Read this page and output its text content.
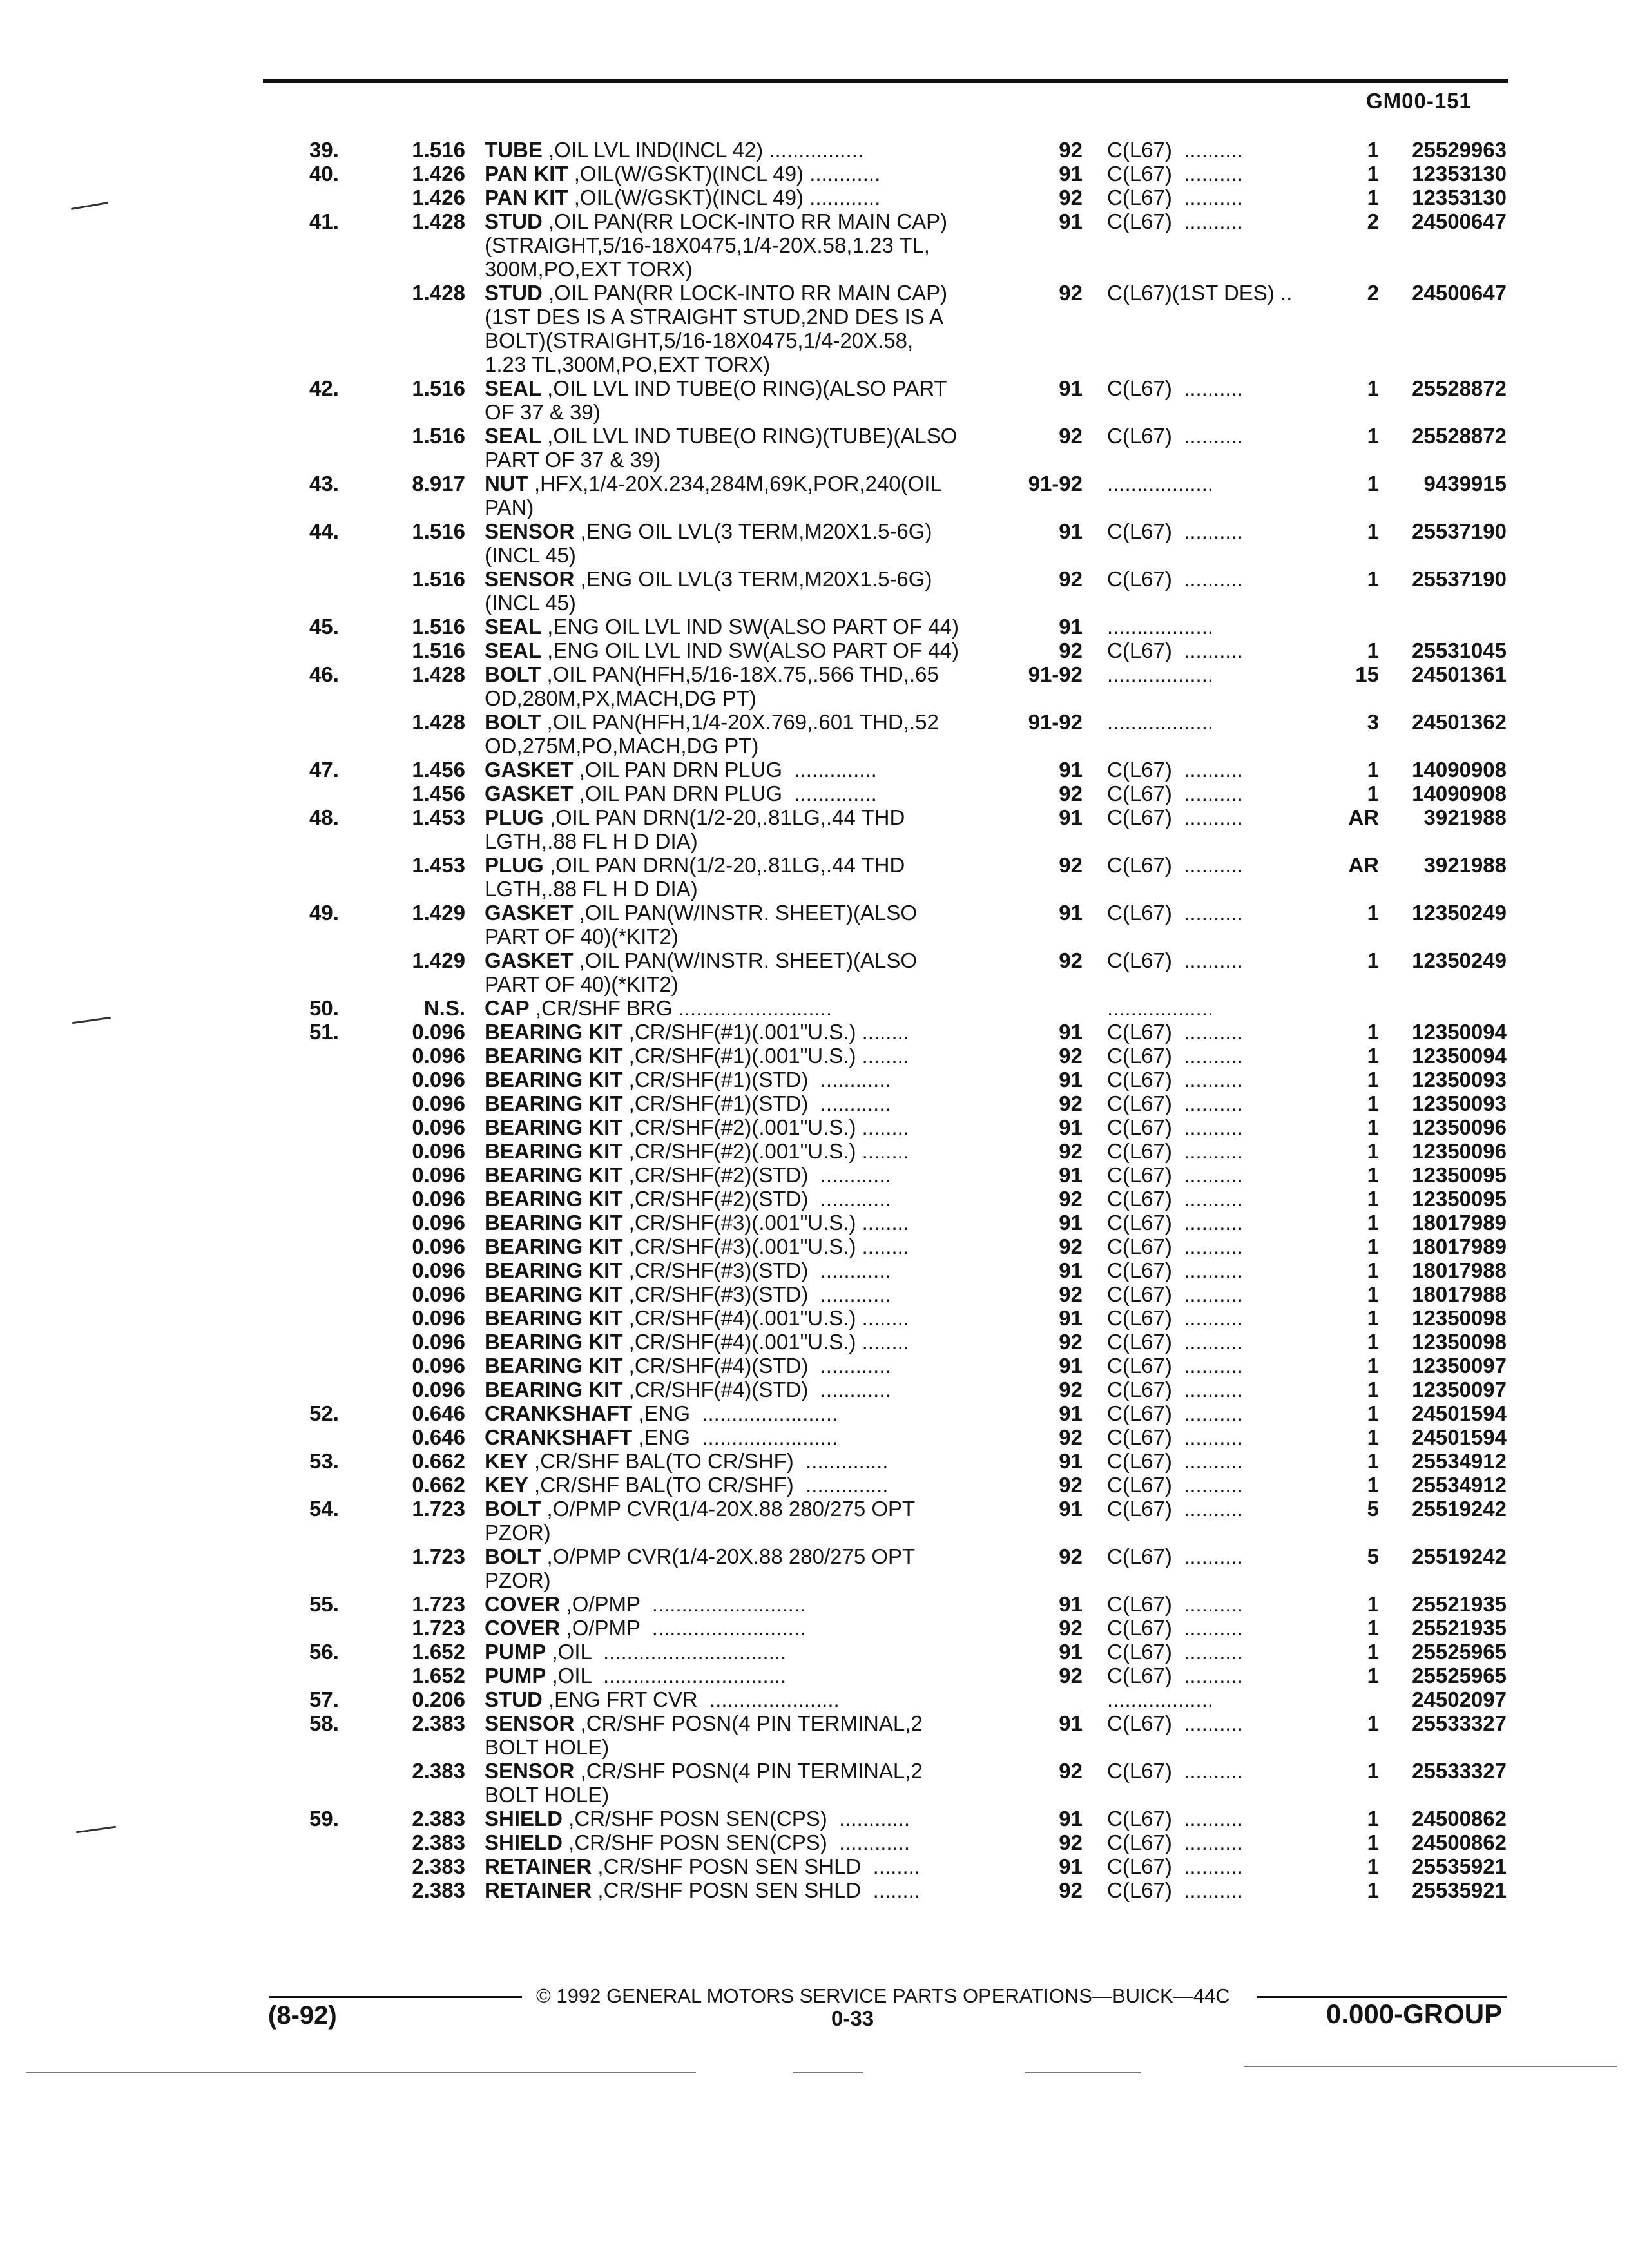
GM00-151
39.	1.516 TUBE ,OIL LVL IND(INCL 42) ................	92 C(L67)  ..........	1	25529963
40.	1.426 PAN KIT ,OIL(W/GSKT)(INCL 49) ............	91 C(L67)  ..........	1	12353130
1.426 PAN KIT ,OIL(W/GSKT)(INCL 49) ............	92 C(L67)  ..........	1	12353130
41.	1.428 STUD ,OIL PAN(RR LOCK-INTO RR MAIN CAP)
(STRAIGHT,5/16-18X0475,1/4-20X.58,1.23 TL,
300M,PO,EXT TORX)
91 C(L67)  ..........	2	24500647
1.428 STUD ,OIL PAN(RR LOCK-INTO RR MAIN CAP)
(1ST DES IS A STRAIGHT STUD,2ND DES IS A
BOLT)(STRAIGHT,5/16-18X0475,1/4-20X.58,
1.23 TL,300M,PO,EXT TORX)
92 C(L67)(1ST DES) ..	2	24500647
42.	1.516 SEAL ,OIL LVL IND TUBE(O RING)(ALSO PART
OF 37 & 39)
91 C(L67)  ..........	1	25528872
1.516 SEAL ,OIL LVL IND TUBE(O RING)(TUBE)(ALSO
PART OF 37 & 39)
92 C(L67)  ..........	1	25528872
43.	8.917 NUT ,HFX,1/4-20X.234,284M,69K,POR,240(OIL
PAN)
91-92 ..................	1	9439915
44.	1.516 SENSOR ,ENG OIL LVL(3 TERM,M20X1.5-6G)
(INCL 45)
91 C(L67)  ..........	1	25537190
1.516 SENSOR ,ENG OIL LVL(3 TERM,M20X1.5-6G)
(INCL 45)
92 C(L67)  ..........	1	25537190
45.	1.516 SEAL ,ENG OIL LVL IND SW(ALSO PART OF 44)	91 ..................
1.516 SEAL ,ENG OIL LVL IND SW(ALSO PART OF 44)	92 C(L67)  ..........	1	25531045
46.	1.428 BOLT ,OIL PAN(HFH,5/16-18X.75,.566 THD,.65
OD,280M,PX,MACH,DG PT)
91-92 ..................	15	24501361
1.428 BOLT ,OIL PAN(HFH,1/4-20X.769,.601 THD,.52
OD,275M,PO,MACH,DG PT)
91-92 ..................	3	24501362
47.	1.456 GASKET ,OIL PAN DRN PLUG  ..............	91 C(L67)  ..........	1	14090908
1.456 GASKET ,OIL PAN DRN PLUG  ..............	92 C(L67)  ..........	1	14090908
48.	1.453 PLUG ,OIL PAN DRN(1/2-20,.81LG,.44 THD
LGTH,.88 FL H D DIA)
91 C(L67)  ..........	AR	3921988
1.453 PLUG ,OIL PAN DRN(1/2-20,.81LG,.44 THD
LGTH,.88 FL H D DIA)
92 C(L67)  ..........	AR	3921988
49.	1.429 GASKET ,OIL PAN(W/INSTR. SHEET)(ALSO
PART OF 40)(*KIT2)
91 C(L67)  ..........	1	12350249
1.429 GASKET ,OIL PAN(W/INSTR. SHEET)(ALSO
PART OF 40)(*KIT2)
92 C(L67)  ..........	1	12350249
50.	N.S. CAP ,CR/SHF BRG ..........................	..................
51.	0.096 BEARING KIT ,CR/SHF(#1)(.001"U.S.) ........	91 C(L67)  ..........	1	12350094
0.096 BEARING KIT ,CR/SHF(#1)(.001"U.S.) ........	92 C(L67)  ..........	1	12350094
0.096 BEARING KIT ,CR/SHF(#1)(STD)  ............	91 C(L67)  ..........	1	12350093
0.096 BEARING KIT ,CR/SHF(#1)(STD)  ............	92 C(L67)  ..........	1	12350093
0.096 BEARING KIT ,CR/SHF(#2)(.001"U.S.) ........	91 C(L67)  ..........	1	12350096
0.096 BEARING KIT ,CR/SHF(#2)(.001"U.S.) ........	92 C(L67)  ..........	1	12350096
0.096 BEARING KIT ,CR/SHF(#2)(STD)  ............	91 C(L67)  ..........	1	12350095
0.096 BEARING KIT ,CR/SHF(#2)(STD)  ............	92 C(L67)  ..........	1	12350095
0.096 BEARING KIT ,CR/SHF(#3)(.001"U.S.) ........	91 C(L67)  ..........	1	18017989
0.096 BEARING KIT ,CR/SHF(#3)(.001"U.S.) ........	92 C(L67)  ..........	1	18017989
0.096 BEARING KIT ,CR/SHF(#3)(STD)  ............	91 C(L67)  ..........	1	18017988
0.096 BEARING KIT ,CR/SHF(#3)(STD)  ............	92 C(L67)  ..........	1	18017988
0.096 BEARING KIT ,CR/SHF(#4)(.001"U.S.) ........	91 C(L67)  ..........	1	12350098
0.096 BEARING KIT ,CR/SHF(#4)(.001"U.S.) ........	92 C(L67)  ..........	1	12350098
0.096 BEARING KIT ,CR/SHF(#4)(STD)  ............	91 C(L67)  ..........	1	12350097
0.096 BEARING KIT ,CR/SHF(#4)(STD)  ............	92 C(L67)  ..........	1	12350097
52.	0.646 CRANKSHAFT ,ENG  .......................	91 C(L67)  ..........	1	24501594
0.646 CRANKSHAFT ,ENG  .......................	92 C(L67)  ..........	1	24501594
53.	0.662 KEY ,CR/SHF BAL(TO CR/SHF)  ..............	91 C(L67)  ..........	1	25534912
0.662 KEY ,CR/SHF BAL(TO CR/SHF)  ..............	92 C(L67)  ..........	1	25534912
54.	1.723 BOLT ,O/PMP CVR(1/4-20X.88 280/275 OPT
PZOR)
91 C(L67)  ..........	5	25519242
1.723 BOLT ,O/PMP CVR(1/4-20X.88 280/275 OPT
PZOR)
92 C(L67)  ..........	5	25519242
55.	1.723 COVER ,O/PMP  ..........................	91 C(L67)  ..........	1	25521935
1.723 COVER ,O/PMP  ..........................	92 C(L67)  ..........	1	25521935
56.	1.652 PUMP ,OIL  ...............................	91 C(L67)  ..........	1	25525965
1.652 PUMP ,OIL  ...............................	92 C(L67)  ..........	1	25525965
57.	0.206 STUD ,ENG FRT CVR  ......................	..................	24502097
58.	2.383 SENSOR ,CR/SHF POSN(4 PIN TERMINAL,2
BOLT HOLE)
91 C(L67)  ..........	1	25533327
2.383 SENSOR ,CR/SHF POSN(4 PIN TERMINAL,2
BOLT HOLE)
92 C(L67)  ..........	1	25533327
59.	2.383 SHIELD ,CR/SHF POSN SEN(CPS)  ............	91 C(L67)  ..........	1	24500862
2.383 SHIELD ,CR/SHF POSN SEN(CPS)  ............	92 C(L67)  ..........	1	24500862
2.383 RETAINER ,CR/SHF POSN SEN SHLD  ........	91 C(L67)  ..........	1	25535921
2.383 RETAINER ,CR/SHF POSN SEN SHLD  ........	92 C(L67)  ..........	1	25535921
© 1992 GENERAL MOTORS SERVICE PARTS OPERATIONS—BUICK—44C
(8-92)	0-33	0.000-GROUP
